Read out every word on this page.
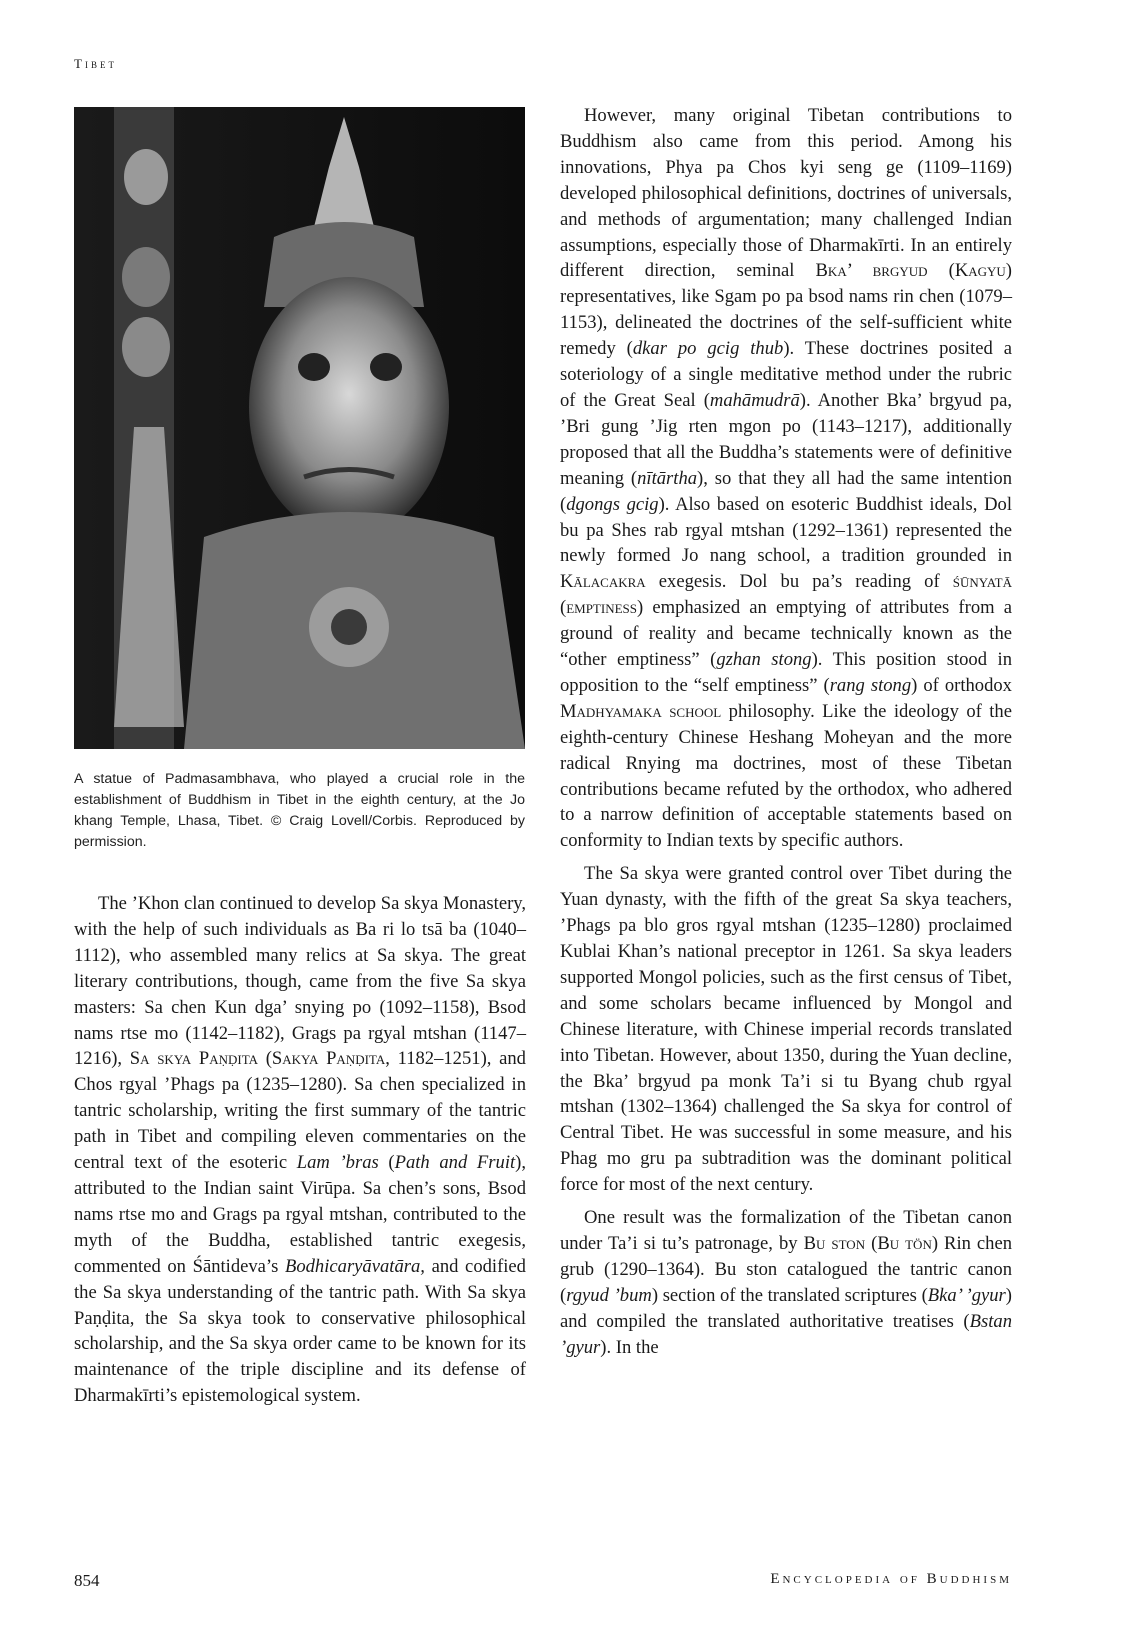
Tibet
A statue of Padmasambhava, who played a crucial role in the establishment of Buddhism in Tibet in the eighth century, at the Jo khang Temple, Lhasa, Tibet. © Craig Lovell/Corbis. Reproduced by permission.

The ’Khon clan continued to develop Sa skya Monastery, with the help of such individuals as Ba ri lo tsā ba (1040–1112), who assembled many relics at Sa skya. The great literary contributions, though, came from the five Sa skya masters: Sa chen Kun dga’ snying po (1092–1158), Bsod nams rtse mo (1142–1182), Grags pa rgyal mtshan (1147–1216), Sa skya Paṇḍita (Sakya Paṇḍita, 1182–1251), and Chos rgyal ’Phags pa (1235–1280). Sa chen specialized in tantric scholarship, writing the first summary of the tantric path in Tibet and compiling eleven commentaries on the central text of the esoteric Lam ’bras (Path and Fruit), attributed to the Indian saint Virūpa. Sa chen’s sons, Bsod nams rtse mo and Grags pa rgyal mtshan, contributed to the myth of the Buddha, established tantric exegesis, commented on Śāntideva’s Bodhicaryāvatāra, and codified the Sa skya understanding of the tantric path. With Sa skya Paṇḍita, the Sa skya took to conservative philosophical scholarship, and the Sa skya order came to be known for its maintenance of the triple discipline and its defense of Dharmakīrti’s epistemological system.

However, many original Tibetan contributions to Buddhism also came from this period. Among his innovations, Phya pa Chos kyi seng ge (1109–1169) developed philosophical definitions, doctrines of universals, and methods of argumentation; many challenged Indian assumptions, especially those of Dharmakīrti. In an entirely different direction, seminal Bka’ brgyud (Kagyu) representatives, like Sgam po pa bsod nams rin chen (1079–1153), delineated the doctrines of the self-sufficient white remedy (dkar po gcig thub). These doctrines posited a soteriology of a single meditative method under the rubric of the Great Seal (mahāmudrā). Another Bka’ brgyud pa, ’Bri gung ’Jig rten mgon po (1143–1217), additionally proposed that all the Buddha’s statements were of definitive meaning (nītārtha), so that they all had the same intention (dgongs gcig). Also based on esoteric Buddhist ideals, Dol bu pa Shes rab rgyal mtshan (1292–1361) represented the newly formed Jo nang school, a tradition grounded in Kālacakra exegesis. Dol bu pa’s reading of śūnyatā (emptiness) emphasized an emptying of attributes from a ground of reality and became technically known as the “other emptiness” (gzhan stong). This position stood in opposition to the “self emptiness” (rang stong) of orthodox Madhyamaka school philosophy. Like the ideology of the eighth-century Chinese Heshang Moheyan and the more radical Rnying ma doctrines, most of these Tibetan contributions became refuted by the orthodox, who adhered to a narrow definition of acceptable statements based on conformity to Indian texts by specific authors.

The Sa skya were granted control over Tibet during the Yuan dynasty, with the fifth of the great Sa skya teachers, ’Phags pa blo gros rgyal mtshan (1235–1280) proclaimed Kublai Khan’s national preceptor in 1261. Sa skya leaders supported Mongol policies, such as the first census of Tibet, and some scholars became influenced by Mongol and Chinese literature, with Chinese imperial records translated into Tibetan. However, about 1350, during the Yuan decline, the Bka’ brgyud pa monk Ta’i si tu Byang chub rgyal mtshan (1302–1364) challenged the Sa skya for control of Central Tibet. He was successful in some measure, and his Phag mo gru pa subtradition was the dominant political force for most of the next century.

One result was the formalization of the Tibetan canon under Ta’i si tu’s patronage, by Bu ston (Bu tön) Rin chen grub (1290–1364). Bu ston catalogued the tantric canon (rgyud ’bum) section of the translated scriptures (Bka’ ’gyur) and compiled the translated authoritative treatises (Bstan ’gyur). In the

854	Encyclopedia of Buddhism
